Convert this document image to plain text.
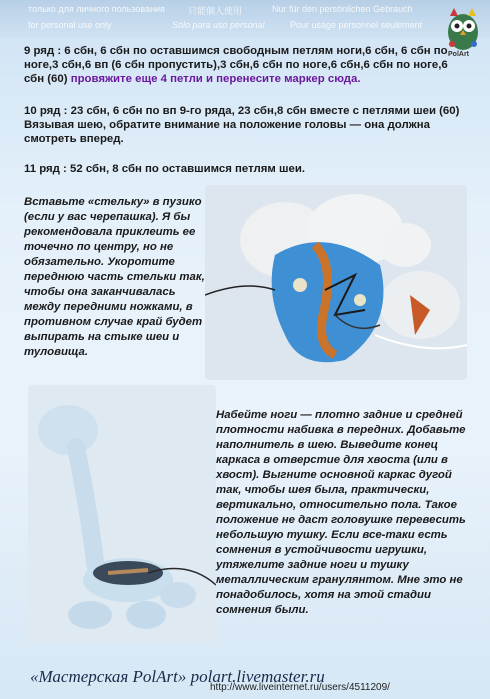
только для личного пользования	只能個人使用	Nur für den persönlichen Gebrauch
for personal use only	Sólo para uso personal	Pour usage personnel seulement
PolArt
9 ряд : 6 сбн, 6 сбн по оставшимся свободным петлям ноги,6 сбн, 6 сбн по ноге,3 сбн,6 вп (6 сбн пропустить),3 сбн,6 сбн по ноге,6 сбн,6 сбн по ноге,6 сбн (60) провяжите еще 4 петли и перенесите маркер сюда.
10 ряд : 23 сбн, 6 сбн по вп 9-го ряда, 23 сбн,8 сбн вместе с петлями шеи (60) Вязывая шею, обратите внимание на положение головы — она должна смотреть вперед.
11 ряд : 52 сбн, 8 сбн по оставшимся петлям шеи.
Вставьте «стельку» в пузико (если у вас черепашка). Я бы рекомендовала приклеить ее точечно по центру, но не обязательно. Укоротите переднюю часть стельки так, чтобы она заканчивалась между передними ножками, в противном случае край будет выпирать на стыке шеи и туловища.
Набейте ноги — плотно задние и средней плотности набивка в передних. Добавьте наполнитель в шею. Выведите конец каркаса в отверстие для хвоста (или в хвост). Выгните основной каркас дугой так, чтобы шея была, практически, вертикально, относительно пола. Такое положение не даст головушке перевесить небольшую тушку. Если все-таки есть сомнения в устойчивости игрушки, утяжелите задние ноги и тушку металлическим гранулянтом. Мне это не понадобилось, хотя на этой стадии сомнения были.
«Мастерская PolArt» polart.livemaster.ru
http://www.liveinternet.ru/users/4511209/
